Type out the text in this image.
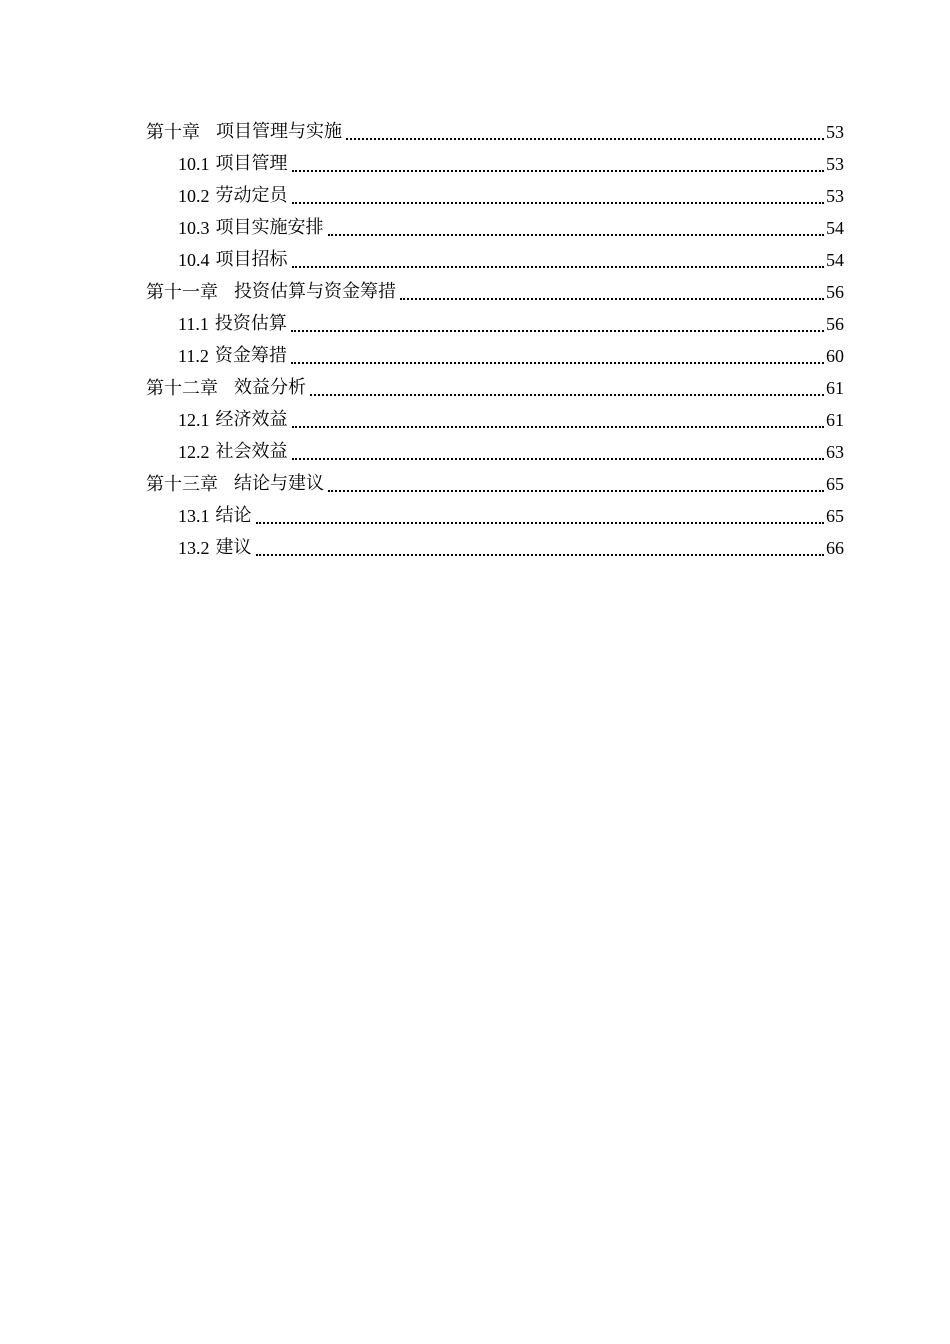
第十章 项目管理与实施	53
10.1 项目管理	53
10.2 劳动定员	53
10.3 项目实施安排	54
10.4 项目招标	54
第十一章 投资估算与资金筹措	56
11.1 投资估算	56
11.2 资金筹措	60
第十二章 效益分析	61
12.1 经济效益	61
12.2 社会效益	63
第十三章 结论与建议	65
13.1 结论	65
13.2 建议	66
